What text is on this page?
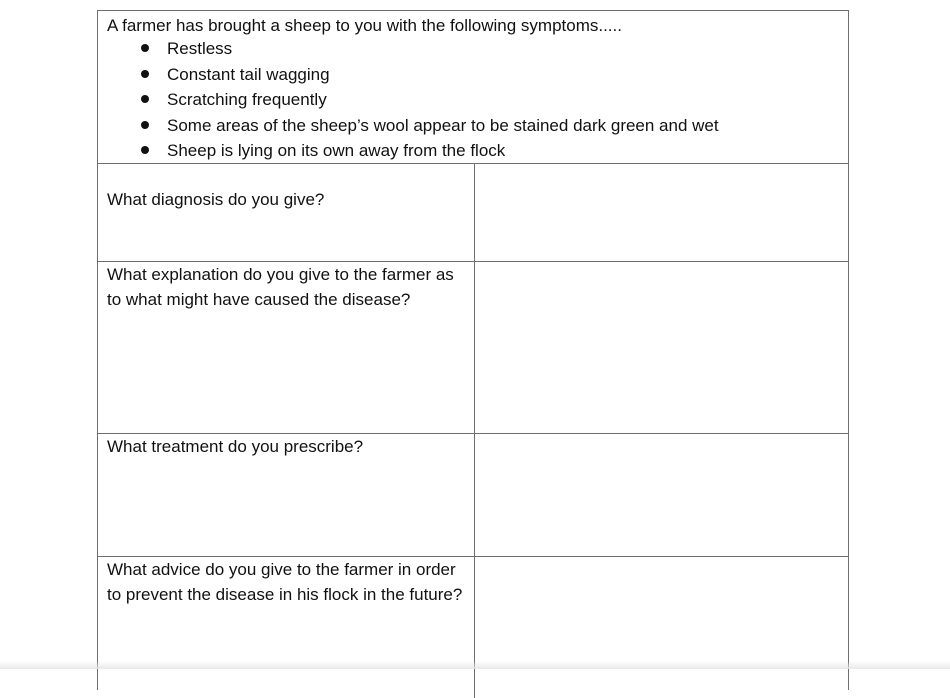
A farmer has brought a sheep to you with the following symptoms.....
Restless
Constant tail wagging
Scratching frequently
Some areas of the sheep’s wool appear to be stained dark green and wet
Sheep is lying on its own away from the flock
What diagnosis do you give?
What explanation do you give to the farmer as to what might have caused the disease?
What treatment do you prescribe?
What advice do you give to the farmer in order to prevent the disease in his flock in the future?
